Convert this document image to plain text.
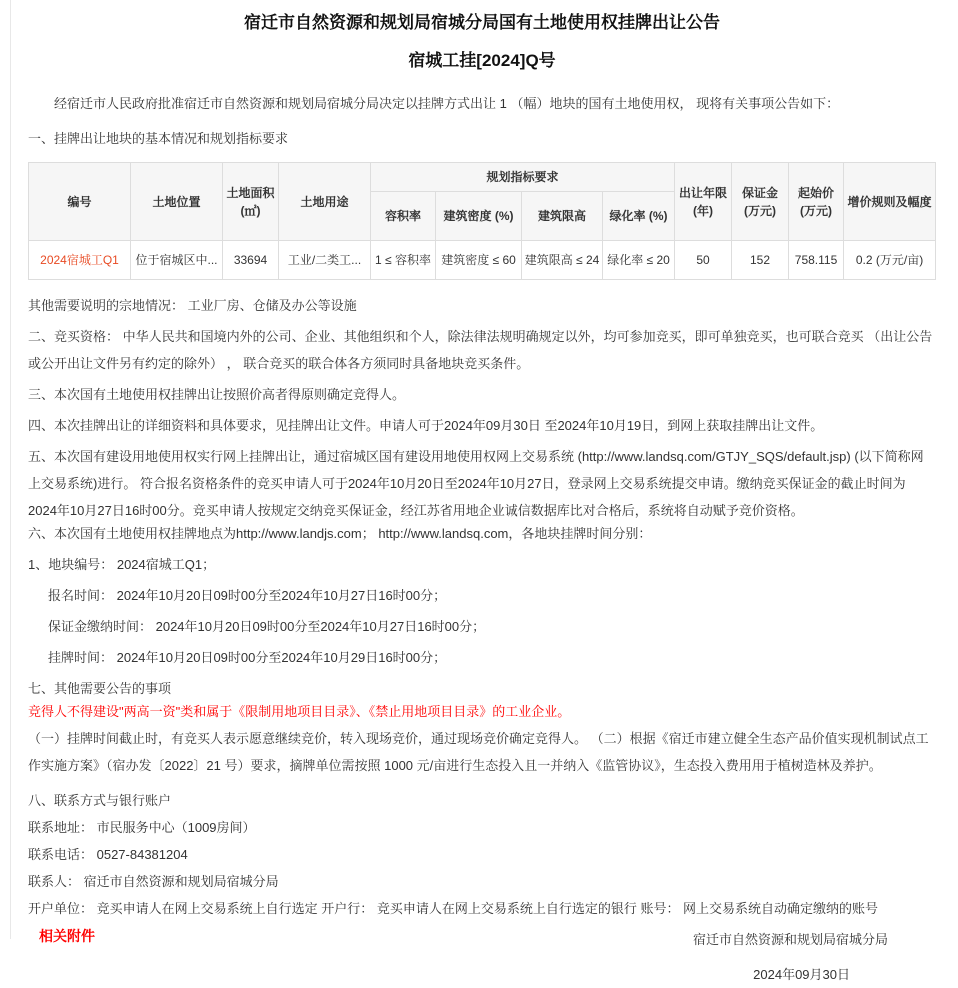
宿迁市自然资源和规划局宿城分局国有土地使用权挂牌出让公告

宿城工挂[2024]Q号

经宿迁市人民政府批准宿迁市自然资源和规划局宿城分局决定以挂牌方式出让 1 （幅）地块的国有土地使用权， 现将有关事项公告如下：

一、挂牌出让地块的基本情况和规划指标要求

编号	土地位置	土地面积 (㎡)	土地用途	规划指标要求				出让年限 (年)	保证金 (万元)	起始价 (万元)	增价规则及幅度
				容积率	建筑密度 (%)	建筑限高	绿化率 (%)				
2024宿城工Q1	位于宿城区中...	33694	工业/二类工...	1 ≤ 容积率	建筑密度 ≤ 60	建筑限高 ≤ 24	绿化率 ≤ 20	50	152	758.115	0.2 (万元/亩)

其他需要说明的宗地情况： 工业厂房、仓储及办公等设施

二、竞买资格： 中华人民共和国境内外的公司、企业、其他组织和个人，除法律法规明确规定以外，均可参加竞买，即可单独竞买，也可联合竞买 （出让公告或公开出让文件另有约定的除外） ， 联合竞买的联合体各方须同时具备地块竞买条件。

三、本次国有土地使用权挂牌出让按照价高者得原则确定竞得人。

四、本次挂牌出让的详细资料和具体要求，见挂牌出让文件。申请人可于2024年09月30日 至2024年10月19日，到网上获取挂牌出让文件。

五、本次国有建设用地使用权实行网上挂牌出让，通过宿城区国有建设用地使用权网上交易系统 (http://www.landsq.com/GTJY_SQS/default.jsp) (以下简称网上交易系统)进行。 符合报名资格条件的竞买申请人可于2024年10月20日至2024年10月27日，登录网上交易系统提交申请。缴纳竞买保证金的截止时间为 2024年10月27日16时00分。竞买申请人按规定交纳竞买保证金，经江苏省用地企业诚信数据库比对合格后，系统将自动赋予竞价资格。

六、本次国有土地使用权挂牌地点为http://www.landjs.com； http://www.landsq.com，各地块挂牌时间分别：

1、地块编号： 2024宿城工Q1；

报名时间： 2024年10月20日09时00分至2024年10月27日16时00分；

保证金缴纳时间： 2024年10月20日09时00分至2024年10月27日16时00分；

挂牌时间： 2024年10月20日09时00分至2024年10月29日16时00分；

七、其他需要公告的事项

竞得人不得建设"两高一资"类和属于《限制用地项目目录》、《禁止用地项目目录》的工业企业。

（一）挂牌时间截止时，有竞买人表示愿意继续竞价，转入现场竞价，通过现场竞价确定竞得人。 （二）根据《宿迁市建立健全生态产品价值实现机制试点工作实施方案》（宿办发〔2022〕21 号）要求，摘牌单位需按照 1000 元/亩进行生态投入且一并纳入《监管协议》，生态投入费用用于植树造林及养护。

八、联系方式与银行账户

联系地址： 市民服务中心（1009房间）

联系电话： 0527-84381204

联系人： 宿迁市自然资源和规划局宿城分局

开户单位： 竞买申请人在网上交易系统上自行选定 开户行： 竞买申请人在网上交易系统上自行选定的银行 账号： 网上交易系统自动确定缴纳的账号

宿迁市自然资源和规划局宿城分局

2024年09月30日

相关附件
